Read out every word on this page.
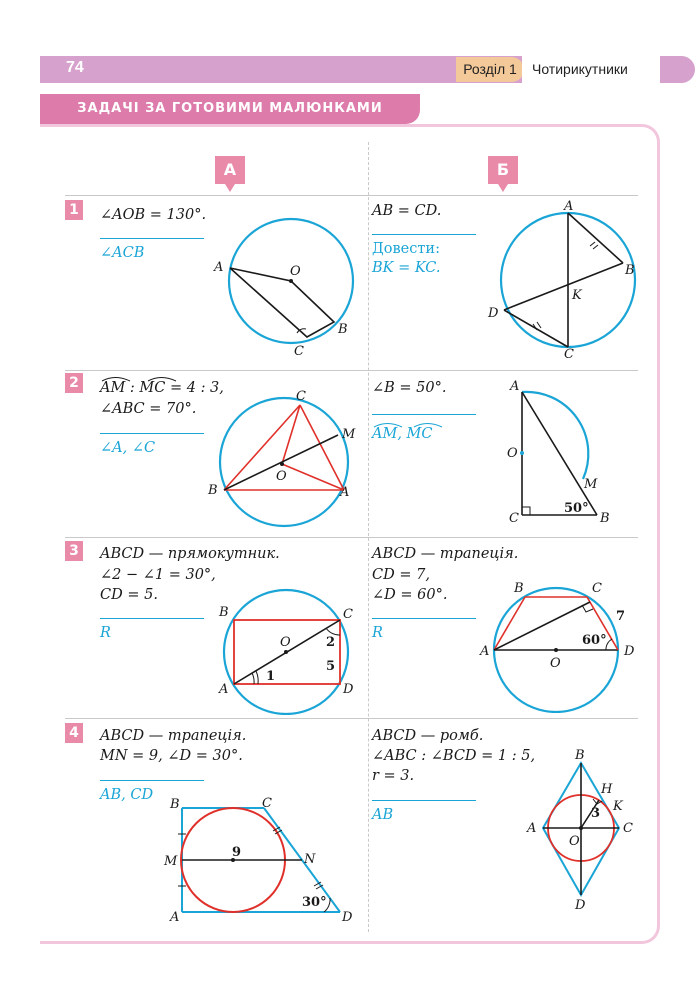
74	Розділ 1	Чотирикутники
ЗАДАЧІ ЗА ГОТОВИМИ МАЛЮНКАМИ
А	Б
1
2
3
4
∠AOB = 130°.
∠ACB
A	O
B
C
AB = CD.
Довести:
BK = KC.
A
B
K
D
C
AM : MC = 4 : 3,
∠ABC = 70°.
∠A, ∠C
C
M
B
O
A
∠B = 50°.
AM, MC
A
O
M
C
50°
B
ABCD — прямокутник.
∠2 − ∠1 = 30°,
CD = 5.
R
B	C
O	2
5
A
1
D
ABCD — трапеція.
CD = 7,
∠D = 60°.
R
B	C
7
A
60°
O
D
ABCD — трапеція.
MN = 9, ∠D = 30°.
AB, CD
B	C
M
9	N
30°
A	D
ABCD — ромб.
∠ABC : ∠BCD = 1 : 5,
r = 3.
AB
B
H
K
A
3
C
O
D
